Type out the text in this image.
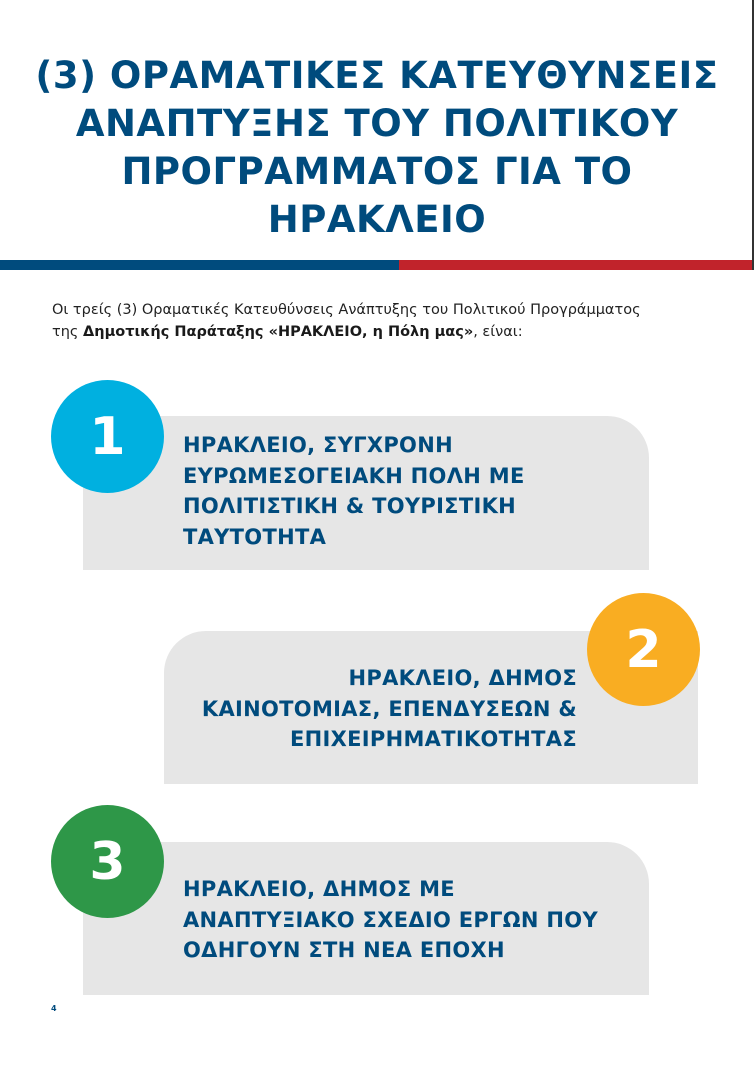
(3) ΟΡΑΜΑΤΙΚΕΣ ΚΑΤΕΥΘΥΝΣΕΙΣ
ΑΝΑΠΤΥΞΗΣ ΤΟΥ ΠΟΛΙΤΙΚΟΥ
ΠΡΟΓΡΑΜΜΑΤΟΣ ΓΙΑ ΤΟ
ΗΡΑΚΛΕΙΟ

Οι τρείς (3) Οραματικές Κατευθύνσεις Ανάπτυξης του Πολιτικού Προγράμματος
της Δημοτικής Παράταξης «ΗΡΑΚΛΕΙΟ, η Πόλη μας», είναι:

ΗΡΑΚΛΕΙΟ, ΣΥΓΧΡΟΝΗ
ΕΥΡΩΜΕΣΟΓΕΙΑΚΗ ΠΟΛΗ ΜΕ
ΠΟΛΙΤΙΣΤΙΚΗ & ΤΟΥΡΙΣΤΙΚΗ
ΤΑΥΤΟΤΗΤΑ
1
ΗΡΑΚΛΕΙΟ, ΔΗΜΟΣ
ΚΑΙΝΟΤΟΜΙΑΣ, ΕΠΕΝΔΥΣΕΩΝ &
ΕΠΙΧΕΙΡΗΜΑΤΙΚΟΤΗΤΑΣ
2
ΗΡΑΚΛΕΙΟ, ΔΗΜΟΣ ΜΕ
ΑΝΑΠΤΥΞΙΑΚΟ ΣΧΕΔΙΟ ΕΡΓΩΝ ΠΟΥ
ΟΔΗΓΟΥΝ ΣΤΗ ΝΕΑ ΕΠΟΧΗ
3
4
